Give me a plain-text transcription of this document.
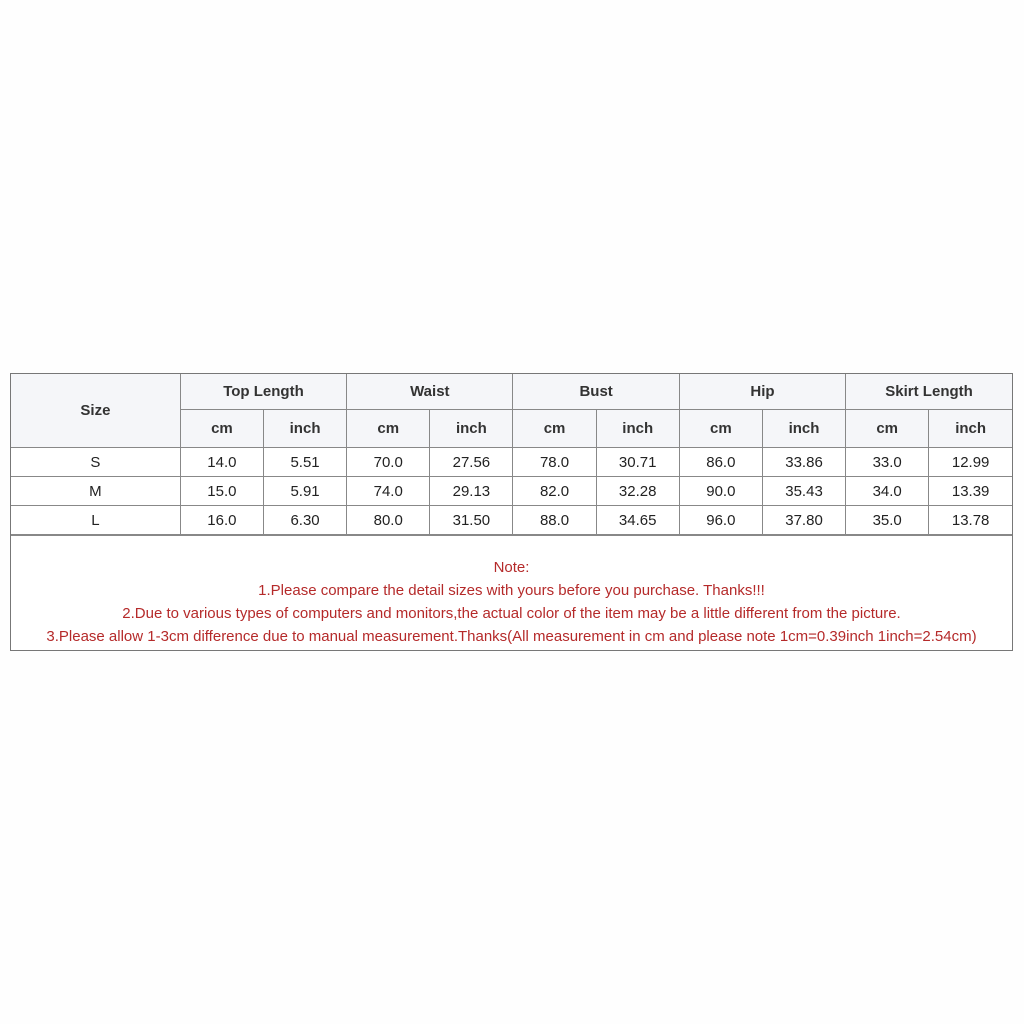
Size	Top Length		Waist		Bust		Hip		Skirt Length	
	cm	inch	cm	inch	cm	inch	cm	inch	cm	inch
S	14.0	5.51	70.0	27.56	78.0	30.71	86.0	33.86	33.0	12.99
M	15.0	5.91	74.0	29.13	82.0	32.28	90.0	35.43	34.0	13.39
L	16.0	6.30	80.0	31.50	88.0	34.65	96.0	37.80	35.0	13.78
Note:
1.Please compare the detail sizes with yours before you purchase. Thanks!!!
2.Due to various types of computers and monitors,the actual color of the item may be a little different from the picture.
3.Please allow 1-3cm difference due to manual measurement.Thanks(All measurement in cm and please note 1cm=0.39inch 1inch=2.54cm)
